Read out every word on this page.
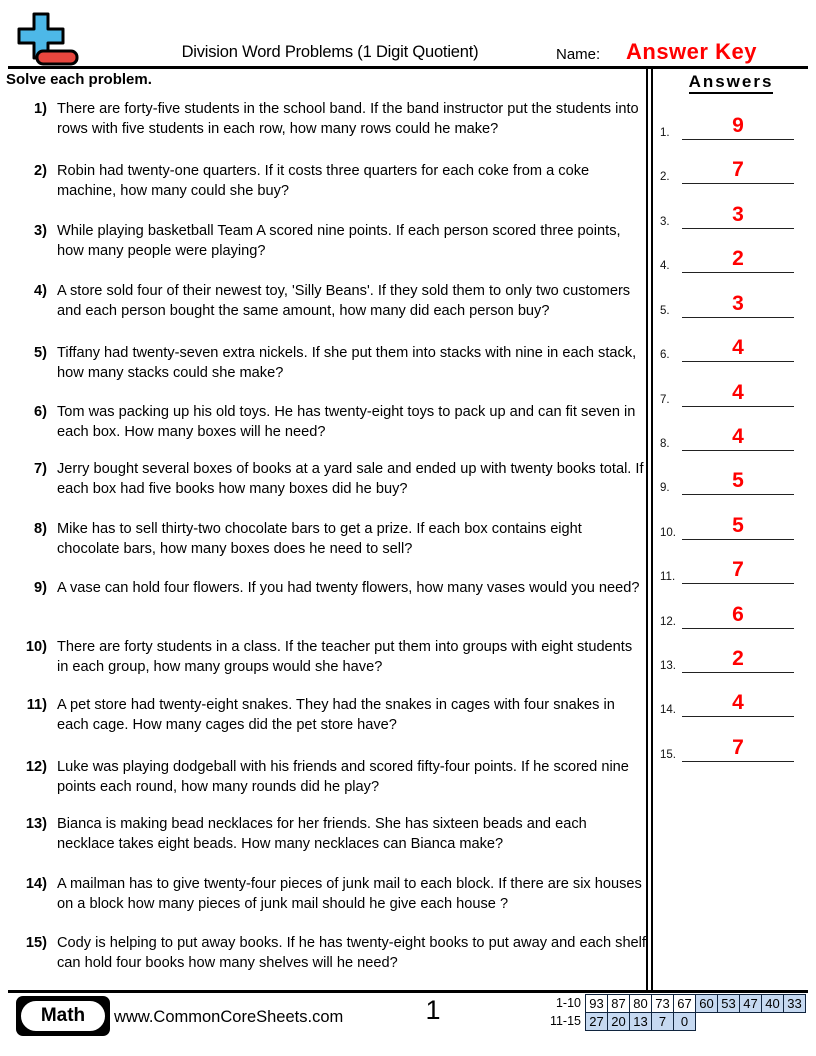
Division Word Problems (1 Digit Quotient)	Name: Answer Key
Solve each problem.
1) There are forty-five students in the school band. If the band instructor put the students into rows with five students in each row, how many rows could he make?
2) Robin had twenty-one quarters. If it costs three quarters for each coke from a coke machine, how many could she buy?
3) While playing basketball Team A scored nine points. If each person scored three points, how many people were playing?
4) A store sold four of their newest toy, 'Silly Beans'. If they sold them to only two customers and each person bought the same amount, how many did each person buy?
5) Tiffany had twenty-seven extra nickels. If she put them into stacks with nine in each stack, how many stacks could she make?
6) Tom was packing up his old toys. He has twenty-eight toys to pack up and can fit seven in each box. How many boxes will he need?
7) Jerry bought several boxes of books at a yard sale and ended up with twenty books total. If each box had five books how many boxes did he buy?
8) Mike has to sell thirty-two chocolate bars to get a prize. If each box contains eight chocolate bars, how many boxes does he need to sell?
9) A vase can hold four flowers. If you had twenty flowers, how many vases would you need?
10) There are forty students in a class. If the teacher put them into groups with eight students in each group, how many groups would she have?
11) A pet store had twenty-eight snakes. They had the snakes in cages with four snakes in each cage. How many cages did the pet store have?
12) Luke was playing dodgeball with his friends and scored fifty-four points. If he scored nine points each round, how many rounds did he play?
13) Bianca is making bead necklaces for her friends. She has sixteen beads and each necklace takes eight beads. How many necklaces can Bianca make?
14) A mailman has to give twenty-four pieces of junk mail to each block. If there are six houses on a block how many pieces of junk mail should he give each house ?
15) Cody is helping to put away books. If he has twenty-eight books to put away and each shelf can hold four books how many shelves will he need?
Answers
1.	9
2.	7
3.	3
4.	2
5.	3
6.	4
7.	4
8.	4
9.	5
10.	5
11.	7
12.	6
13.	2
14.	4
15.	7
Math	www.CommonCoreSheets.com	1	1-10 93 87 80 73 67 60 53 47 40 33
11-15 27 20 13 7	0
